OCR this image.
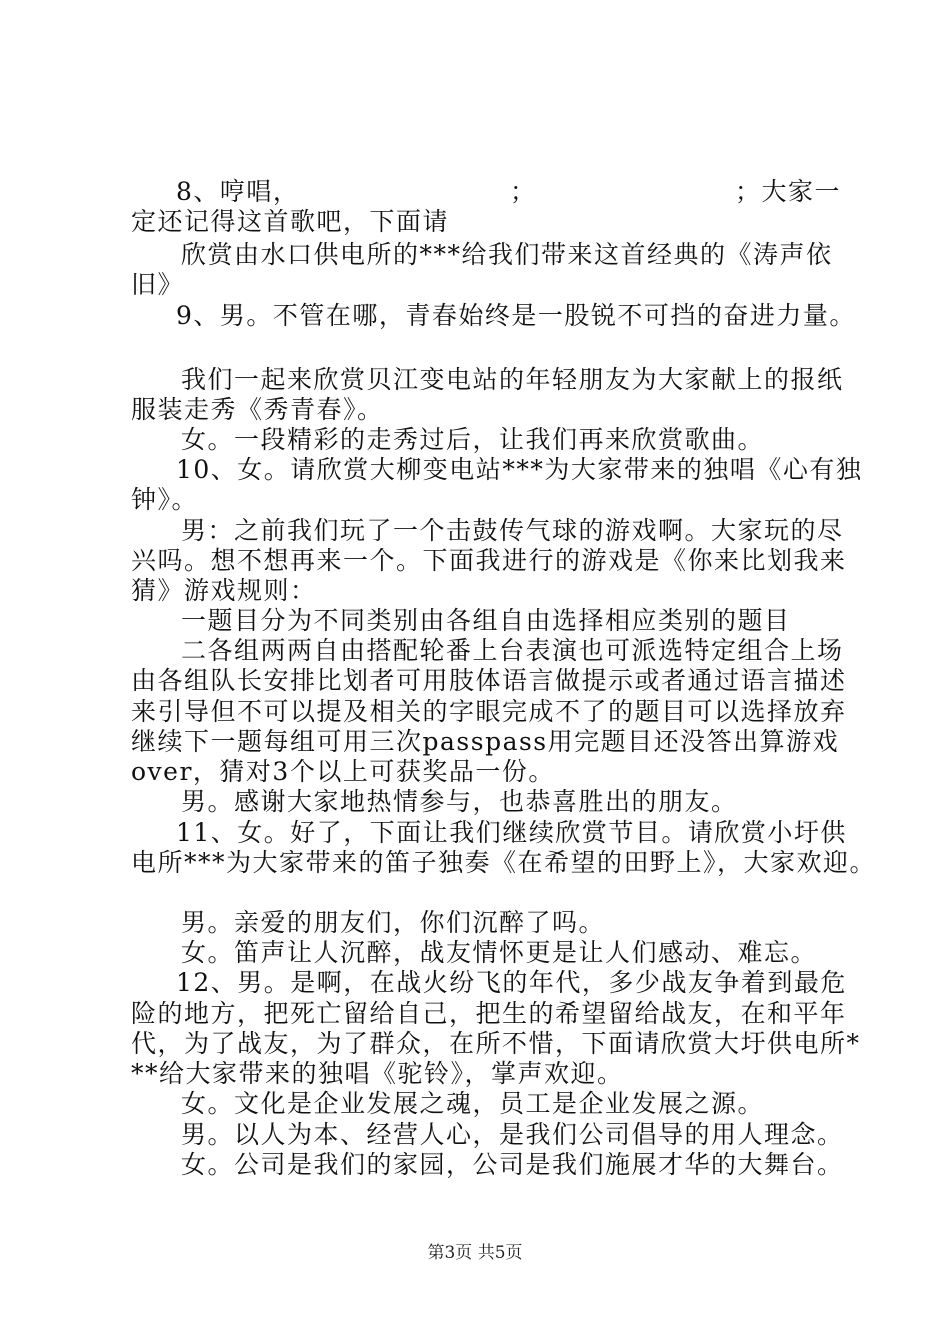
8、哼唱，	；	；大家一
定还记得这首歌吧，下面请
欣赏由水口供电所的***给我们带来这首经典的《涛声依
旧》
9、男。不管在哪，青春始终是一股锐不可挡的奋进力量。
我们一起来欣赏贝江变电站的年轻朋友为大家献上的报纸
服装走秀《秀青春》。
女。一段精彩的走秀过后，让我们再来欣赏歌曲。
10、女。请欣赏大柳变电站***为大家带来的独唱《心有独
钟》。
男：之前我们玩了一个击鼓传气球的游戏啊。大家玩的尽
兴吗。想不想再来一个。下面我进行的游戏是《你来比划我来
猜》游戏规则：
一题目分为不同类别由各组自由选择相应类别的题目
二各组两两自由搭配轮番上台表演也可派选特定组合上场
由各组队长安排比划者可用肢体语言做提示或者通过语言描述
来引导但不可以提及相关的字眼完成不了的题目可以选择放弃
继续下一题每组可用三次passpass用完题目还没答出算游戏
over，猜对3个以上可获奖品一份。
男。感谢大家地热情参与，也恭喜胜出的朋友。
11、女。好了，下面让我们继续欣赏节目。请欣赏小圩供
电所***为大家带来的笛子独奏《在希望的田野上》，大家欢迎。
男。亲爱的朋友们，你们沉醉了吗。
女。笛声让人沉醉，战友情怀更是让人们感动、难忘。
12、男。是啊，在战火纷飞的年代，多少战友争着到最危
险的地方，把死亡留给自己，把生的希望留给战友，在和平年
代，为了战友，为了群众，在所不惜，下面请欣赏大圩供电所*
**给大家带来的独唱《驼铃》，掌声欢迎。
女。文化是企业发展之魂，员工是企业发展之源。
男。以人为本、经营人心，是我们公司倡导的用人理念。
女。公司是我们的家园，公司是我们施展才华的大舞台。
第3页 共5页
